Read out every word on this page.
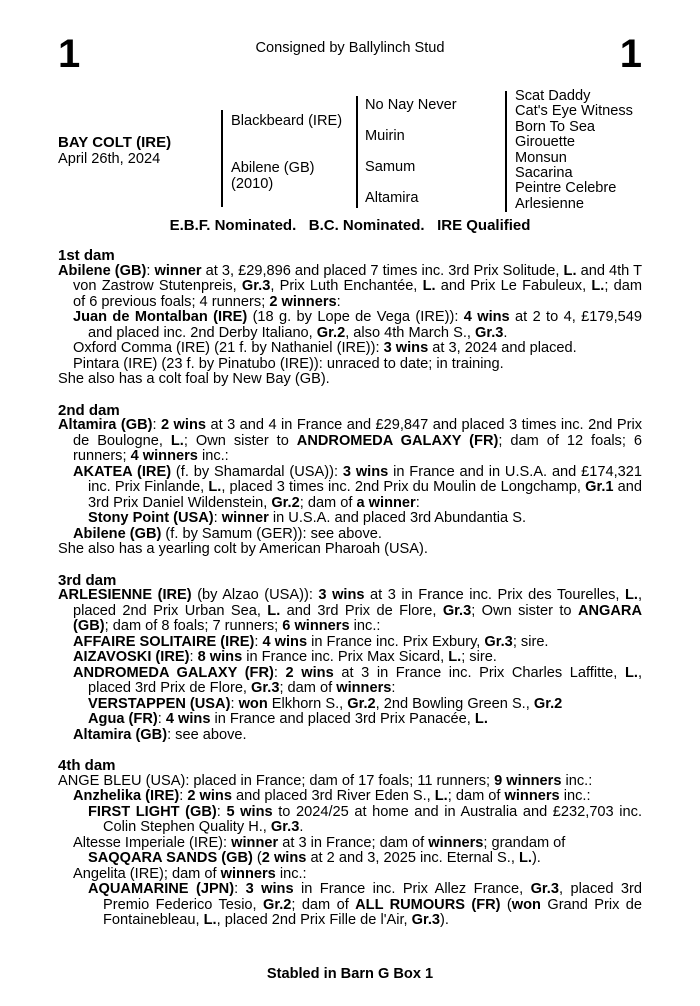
1	1
Consigned by Ballylinch Stud
BAY COLT (IRE)
April 26th, 2024
Blackbeard (IRE)
Abilene (GB)
(2010)
No Nay Never
Muirin
Samum
Altamira
Scat Daddy
Cat's Eye Witness
Born To Sea
Girouette
Monsun
Sacarina
Peintre Celebre
Arlesienne
E.B.F. Nominated.   B.C. Nominated.   IRE Qualified
1st dam
Abilene (GB): winner at 3, £29,896 and placed 7 times inc. 3rd Prix Solitude, L. and 4th T von Zastrow Stutenpreis, Gr.3, Prix Luth Enchantée, L. and Prix Le Fabuleux, L.; dam of 6 previous foals; 4 runners; 2 winners:
Juan de Montalban (IRE) (18 g. by Lope de Vega (IRE)): 4 wins at 2 to 4, £179,549 and placed inc. 2nd Derby Italiano, Gr.2, also 4th March S., Gr.3.
Oxford Comma (IRE) (21 f. by Nathaniel (IRE)): 3 wins at 3, 2024 and placed.
Pintara (IRE) (23 f. by Pinatubo (IRE)): unraced to date; in training.
She also has a colt foal by New Bay (GB).
2nd dam
Altamira (GB): 2 wins at 3 and 4 in France and £29,847 and placed 3 times inc. 2nd Prix de Boulogne, L.; Own sister to ANDROMEDA GALAXY (FR); dam of 12 foals; 6 runners; 4 winners inc.:
AKATEA (IRE) (f. by Shamardal (USA)): 3 wins in France and in U.S.A. and £174,321 inc. Prix Finlande, L., placed 3 times inc. 2nd Prix du Moulin de Longchamp, Gr.1 and 3rd Prix Daniel Wildenstein, Gr.2; dam of a winner:
Stony Point (USA): winner in U.S.A. and placed 3rd Abundantia S.
Abilene (GB) (f. by Samum (GER)): see above.
She also has a yearling colt by American Pharoah (USA).
3rd dam
ARLESIENNE (IRE) (by Alzao (USA)): 3 wins at 3 in France inc. Prix des Tourelles, L., placed 2nd Prix Urban Sea, L. and 3rd Prix de Flore, Gr.3; Own sister to ANGARA (GB); dam of 8 foals; 7 runners; 6 winners inc.:
AFFAIRE SOLITAIRE (IRE): 4 wins in France inc. Prix Exbury, Gr.3; sire.
AIZAVOSKI (IRE): 8 wins in France inc. Prix Max Sicard, L.; sire.
ANDROMEDA GALAXY (FR): 2 wins at 3 in France inc. Prix Charles Laffitte, L., placed 3rd Prix de Flore, Gr.3; dam of winners:
VERSTAPPEN (USA): won Elkhorn S., Gr.2, 2nd Bowling Green S., Gr.2
Agua (FR): 4 wins in France and placed 3rd Prix Panacée, L.
Altamira (GB): see above.
4th dam
ANGE BLEU (USA): placed in France; dam of 17 foals; 11 runners; 9 winners inc.:
Anzhelika (IRE): 2 wins and placed 3rd River Eden S., L.; dam of winners inc.:
FIRST LIGHT (GB): 5 wins to 2024/25 at home and in Australia and £232,703 inc. Colin Stephen Quality H., Gr.3.
Altesse Imperiale (IRE): winner at 3 in France; dam of winners; grandam of
SAQQARA SANDS (GB) (2 wins at 2 and 3, 2025 inc. Eternal S., L.).
Angelita (IRE); dam of winners inc.:
AQUAMARINE (JPN): 3 wins in France inc. Prix Allez France, Gr.3, placed 3rd Premio Federico Tesio, Gr.2; dam of ALL RUMOURS (FR) (won Grand Prix de Fontainebleau, L., placed 2nd Prix Fille de l'Air, Gr.3).
Stabled in Barn G Box 1
